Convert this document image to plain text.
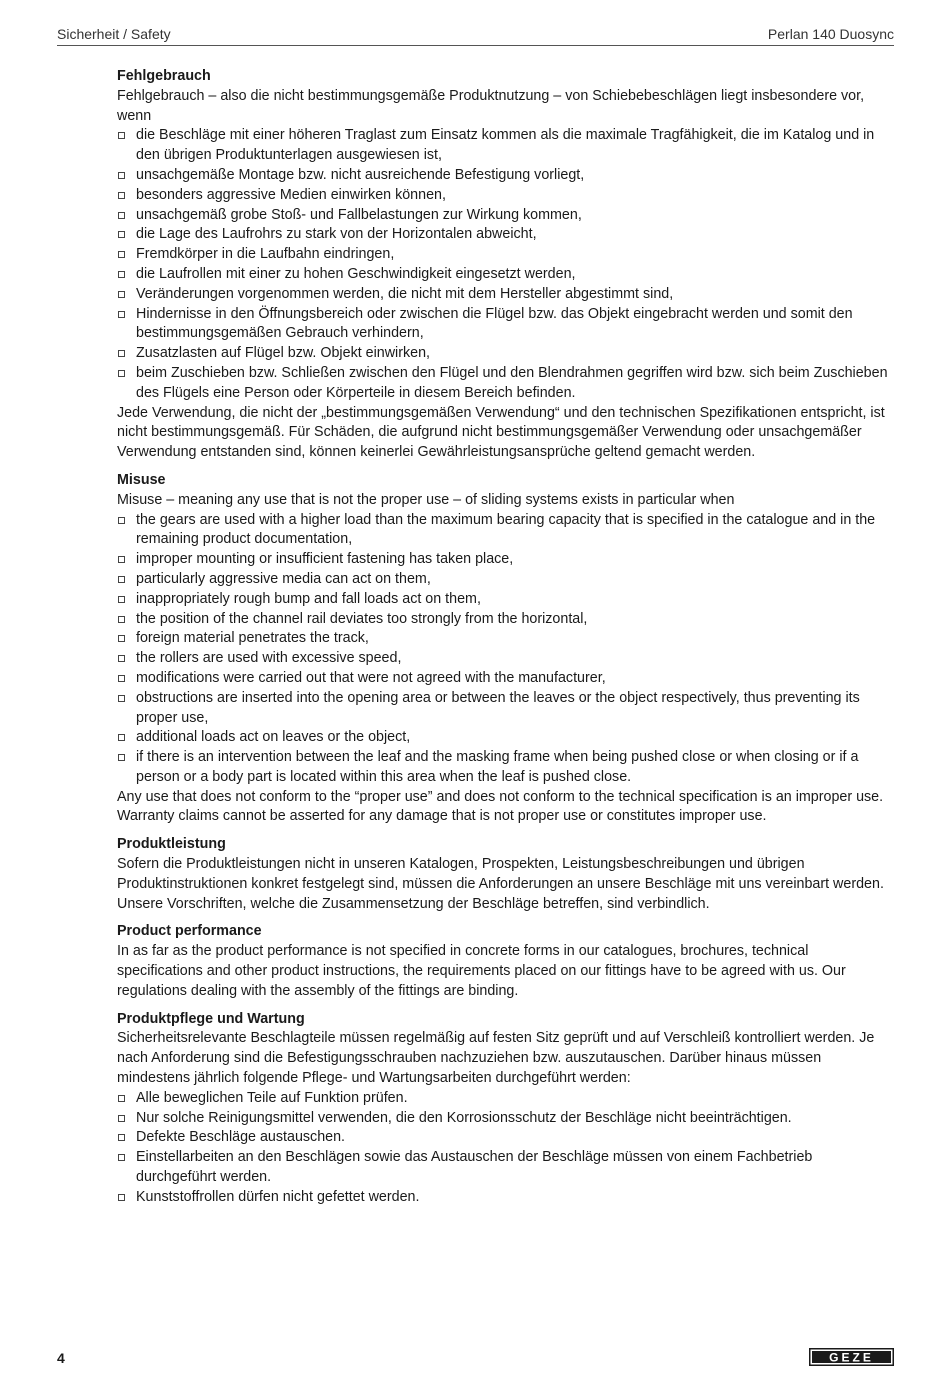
Sicherheit / Safety	Perlan 140 Duosync
Fehlgebrauch

Fehlgebrauch – also die nicht bestimmungsgemäße Produktnutzung – von Schiebebeschlägen liegt insbesondere vor, wenn

die Beschläge mit einer höheren Traglast zum Einsatz kommen als die maximale Tragfähigkeit, die im Katalog und in den übrigen Produktunterlagen ausgewiesen ist,
unsachgemäße Montage bzw. nicht ausreichende Befestigung vorliegt,
besonders aggressive Medien einwirken können,
unsachgemäß grobe Stoß- und Fallbelastungen zur Wirkung kommen,
die Lage des Laufrohrs zu stark von der Horizontalen abweicht,
Fremdkörper in die Laufbahn eindringen,
die Laufrollen mit einer zu hohen Geschwindigkeit eingesetzt werden,
Veränderungen vorgenommen werden, die nicht mit dem Hersteller abgestimmt sind,
Hindernisse in den Öffnungsbereich oder zwischen die Flügel bzw. das Objekt eingebracht werden und somit den bestimmungsgemäßen Gebrauch verhindern,
Zusatzlasten auf Flügel bzw. Objekt einwirken,
beim Zuschieben bzw. Schließen zwischen den Flügel und den Blendrahmen gegriffen wird bzw. sich beim Zuschieben des Flügels eine Person oder Körperteile in diesem Bereich befinden.

Jede Verwendung, die nicht der „bestimmungsgemäßen Verwendung“ und den technischen Spezifikationen entspricht, ist nicht bestimmungsgemäß. Für Schäden, die aufgrund nicht bestimmungsgemäßer Verwendung oder unsachgemäßer Verwendung entstanden sind, können keinerlei Gewährleistungsansprüche geltend gemacht werden.

Misuse

Misuse – meaning any use that is not the proper use – of sliding systems exists in particular when

the gears are used with a higher load than the maximum bearing capacity that is specified in the catalogue and in the remaining product documentation,
improper mounting or insufficient fastening has taken place,
particularly aggressive media can act on them,
inappropriately rough bump and fall loads act on them,
the position of the channel rail deviates too strongly from the horizontal,
foreign material penetrates the track,
the rollers are used with excessive speed,
modifications were carried out that were not agreed with the manufacturer,
obstructions are inserted into the opening area or between the leaves or the object respectively, thus preventing its proper use,
additional loads act on leaves or the object,
if there is an intervention between the leaf and the masking frame when being pushed close or when closing or if a person or a body part is located within this area when the leaf is pushed close.

Any use that does not conform to the “proper use” and does not conform to the technical specification is an improper use. Warranty claims cannot be asserted for any damage that is not proper use or constitutes improper use.

Produktleistung

Sofern die Produktleistungen nicht in unseren Katalogen, Prospekten, Leistungsbeschreibungen und übrigen Produktinstruktionen konkret festgelegt sind, müssen die Anforderungen an unsere Beschläge mit uns vereinbart werden. Unsere Vorschriften, welche die Zusammensetzung der Beschläge betreffen, sind verbindlich.

Product performance

In as far as the product performance is not specified in concrete forms in our catalogues, brochures, technical specifications and other product instructions, the requirements placed on our fittings have to be agreed with us. Our regulations dealing with the assembly of the fittings are binding.

Produktpflege und Wartung

Sicherheitsrelevante Beschlagteile müssen regelmäßig auf festen Sitz geprüft und auf Verschleiß kontrolliert werden. Je nach Anforderung sind die Befestigungsschrauben nachzuziehen bzw. auszutauschen. Darüber hinaus müssen mindestens jährlich folgende Pflege- und Wartungsarbeiten durchgeführt werden:

Alle beweglichen Teile auf Funktion prüfen.
Nur solche Reinigungsmittel verwenden, die den Korrosionsschutz der Beschläge nicht beeinträchtigen.
Defekte Beschläge austauschen.
Einstellarbeiten an den Beschlägen sowie das Austauschen der Beschläge müssen von einem Fachbetrieb durchgeführt werden.
Kunststoffrollen dürfen nicht gefettet werden.
4	GEZE
